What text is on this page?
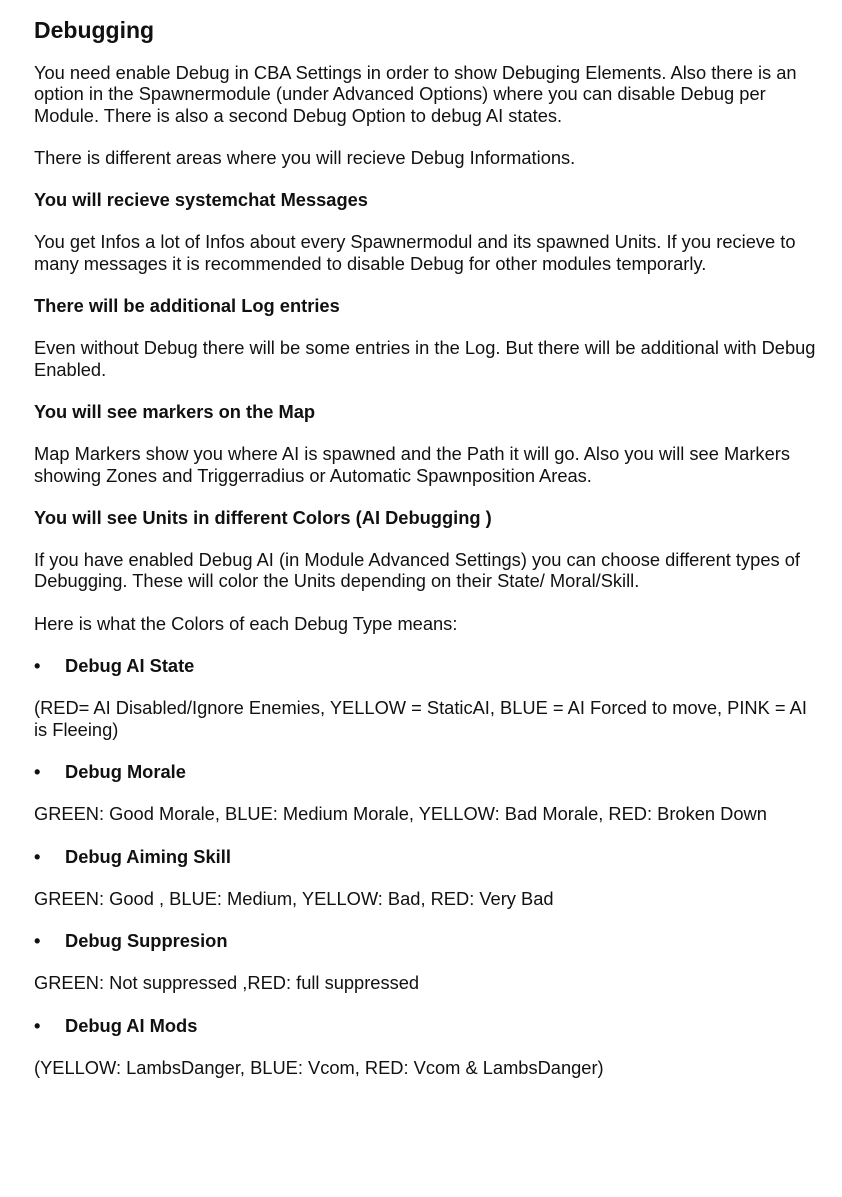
Debugging

You need enable Debug in CBA Settings in order to show Debuging Elements. Also there is an option in the Spawnermodule (under Advanced Options) where you can disable Debug per Module. There is also a second Debug Option to debug AI states.

There is different areas where you will recieve Debug Informations.

You will recieve systemchat Messages

You get Infos a lot of Infos about every Spawnermodul and its spawned Units. If you recieve to many messages it is recommended to disable Debug for other modules temporarly.

There will be additional Log entries

Even without Debug there will be some entries in the Log. But there will be additional with Debug Enabled.

You will see markers on the Map

Map Markers show you where AI is spawned and the Path it will go. Also you will see Markers showing Zones and Triggerradius or Automatic Spawnposition Areas.

You will see Units in different Colors (AI Debugging )

If you have enabled Debug AI (in Module Advanced Settings) you can choose different types of Debugging. These will color the Units depending on their State/ Moral/Skill.

Here is what the Colors of each Debug Type means:

•	Debug AI State

(RED= AI Disabled/Ignore Enemies, YELLOW = StaticAI, BLUE = AI Forced to move, PINK = AI is Fleeing)

•	Debug Morale

GREEN: Good Morale, BLUE: Medium Morale, YELLOW: Bad Morale, RED: Broken Down

•	Debug Aiming Skill

GREEN: Good , BLUE: Medium, YELLOW: Bad, RED: Very Bad

•	Debug Suppresion

GREEN: Not suppressed ,RED: full suppressed

•	Debug AI Mods

(YELLOW: LambsDanger, BLUE: Vcom, RED: Vcom & LambsDanger)
